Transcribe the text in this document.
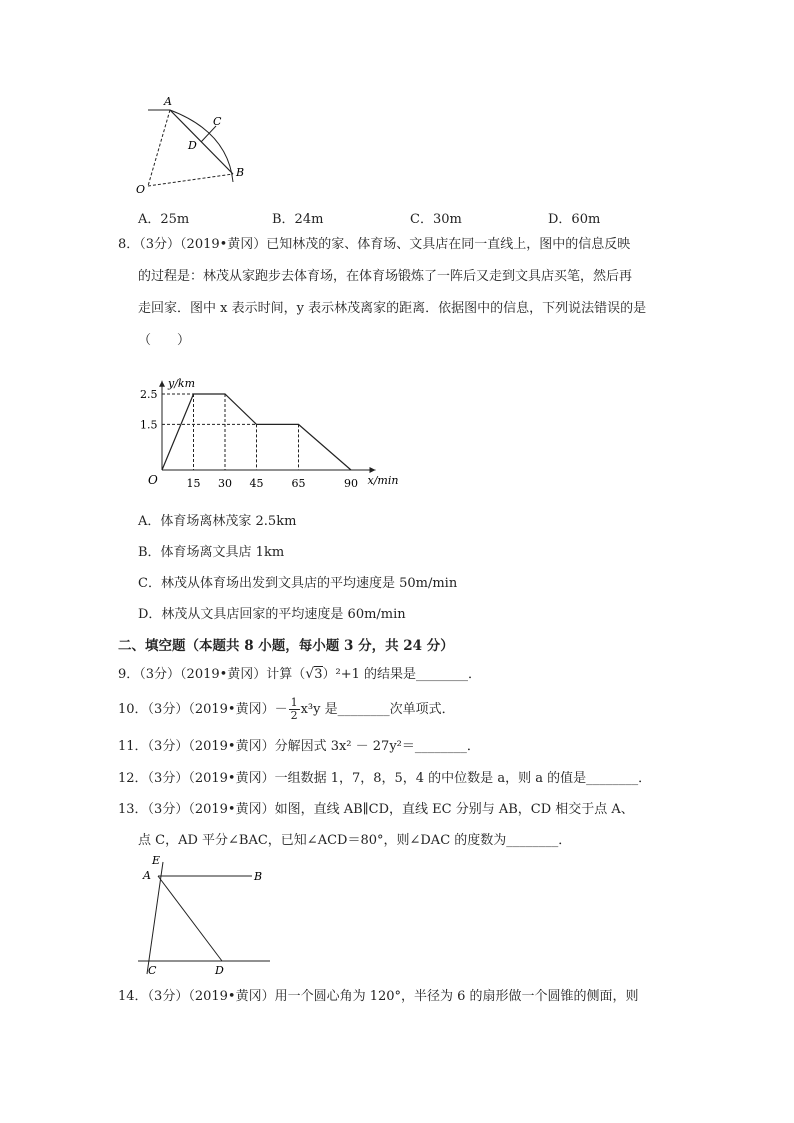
A
C
D
B
O
A．25m	B．24m	C．30m	D．60m
8．（3分）（2019•黄冈）已知林茂的家、体育场、文具店在同一直线上，图中的信息反映
的过程是：林茂从家跑步去体育场，在体育场锻炼了一阵后又走到文具店买笔，然后再
走回家．图中 x 表示时间，y 表示林茂离家的距离．依据图中的信息，下列说法错误的是
（　　）
15 30 45	65	90
2.5
1.5
O	x/min
y/km
A．体育场离林茂家 2.5km
B．体育场离文具店 1km
C．林茂从体育场出发到文具店的平均速度是 50m/min
D．林茂从文具店回家的平均速度是 60m/min
二、填空题（本题共 8 小题，每小题 3 分，共 24 分）
9．（3分）（2019•黄冈）计算（√3）²+1 的结果是________．
10．（3分）（2019•黄冈）－ $\frac{1}{2} x^3y$ 是________次单项式．
11．（3分）（2019•黄冈）分解因式 3x² － 27y²＝________．
12．（3分）（2019•黄冈）一组数据 1，7，8，5，4 的中位数是 a，则 a 的值是________．
13．（3分）（2019•黄冈）如图，直线 AB∥CD，直线 EC 分别与 AB，CD 相交于点 A、
点 C，AD 平分∠BAC，已知∠ACD＝80°，则∠DAC 的度数为________．
E
A	B
C	D
14．（3分）（2019•黄冈）用一个圆心角为 120°，半径为 6 的扇形做一个圆锥的侧面，则
